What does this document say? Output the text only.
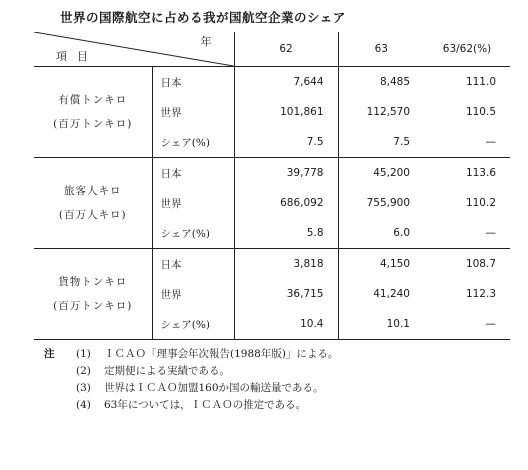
世界の国際航空に占める我が国航空企業のシェア
年
項目		62	63	63/62(%)

有償トンキロ
(百万トンキロ)	日本	7,644	8,485	111.0

	世界	101,861	112,570	110.5
	シェア(%)	7.5	7.5	—

旅客人キロ
(百万人キロ)	日本	39,778	45,200	113.6

	世界	686,092	755,900	110.2
	シェア(%)	5.8	6.0	—

貨物トンキロ
(百万トンキロ)	日本	3,818	4,150	108.7

	世界	36,715	41,240	112.3
	シェア(%)	10.4	10.1	—
注 (1) ＩＣＡＯ「理事会年次報告(1988年版)」による。
(2) 定期便による実績である。
(3) 世界はＩＣＡＯ加盟160か国の輸送量である。
(4) 63年については，ＩＣＡＯの推定である。
